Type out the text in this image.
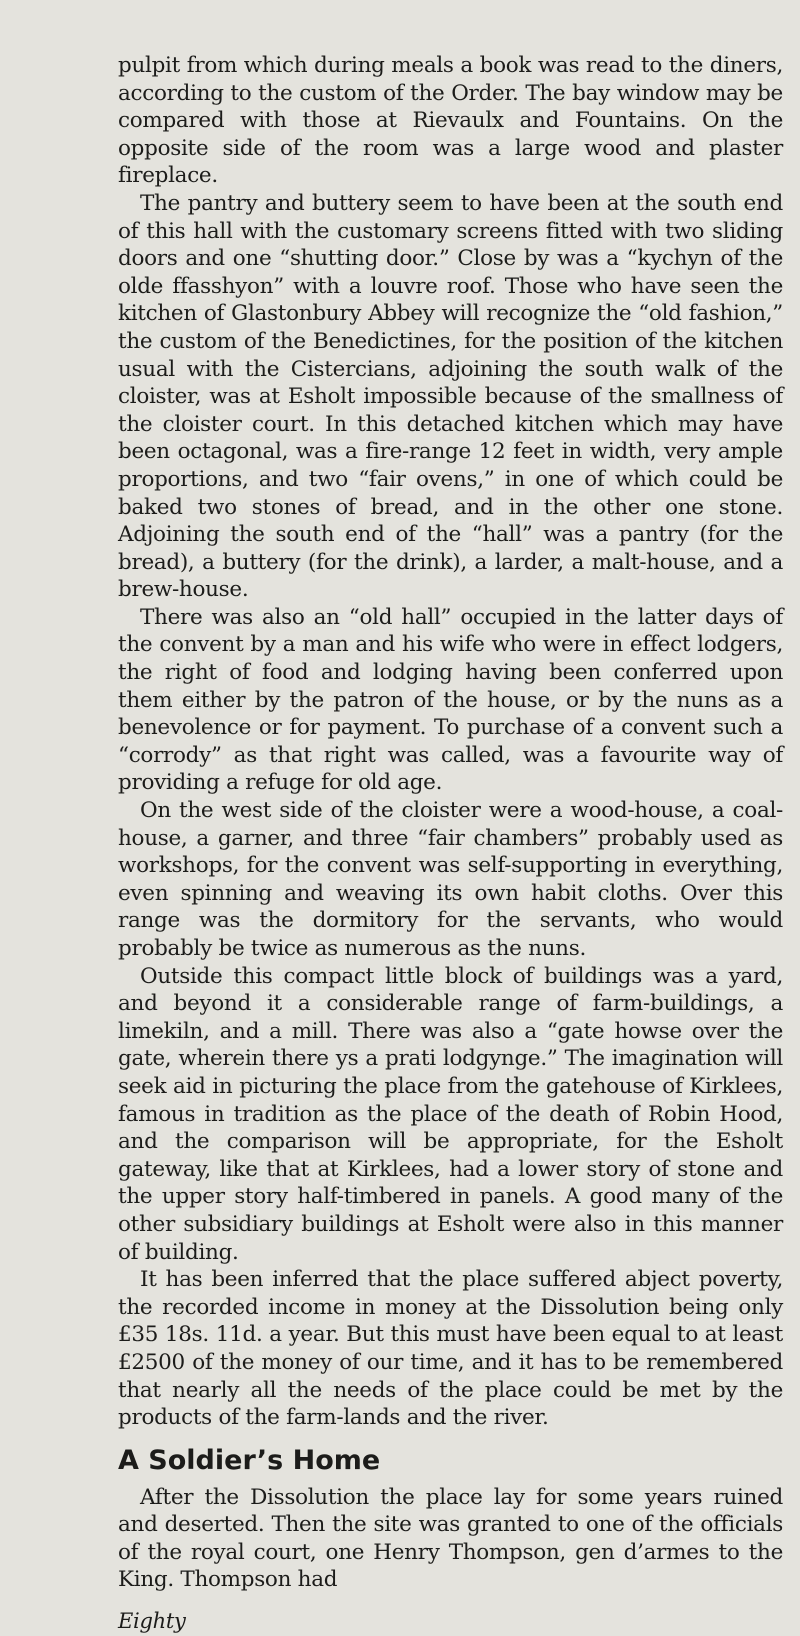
pulpit from which during meals a book was read to the diners, according to the custom of the Order. The bay window may be compared with those at Rievaulx and Fountains. On the opposite side of the room was a large wood and plaster fireplace.

The pantry and buttery seem to have been at the south end of this hall with the customary screens fitted with two sliding doors and one “shutting door.” Close by was a “kychyn of the olde ffasshyon” with a louvre roof. Those who have seen the kitchen of Glastonbury Abbey will recognize the “old fashion,” the custom of the Benedictines, for the position of the kitchen usual with the Cistercians, adjoining the south walk of the cloister, was at Esholt impossible because of the smallness of the cloister court. In this detached kitchen which may have been octagonal, was a fire-range 12 feet in width, very ample proportions, and two “fair ovens,” in one of which could be baked two stones of bread, and in the other one stone. Adjoining the south end of the “hall” was a pantry (for the bread), a buttery (for the drink), a larder, a malt-house, and a brew-house.

There was also an “old hall” occupied in the latter days of the convent by a man and his wife who were in effect lodgers, the right of food and lodging having been conferred upon them either by the patron of the house, or by the nuns as a benevolence or for payment. To purchase of a convent such a “corrody” as that right was called, was a favourite way of providing a refuge for old age.

On the west side of the cloister were a wood-house, a coal-house, a garner, and three “fair chambers” probably used as workshops, for the convent was self-supporting in everything, even spinning and weaving its own habit cloths. Over this range was the dormitory for the servants, who would probably be twice as numerous as the nuns.

Outside this compact little block of buildings was a yard, and beyond it a considerable range of farm-buildings, a limekiln, and a mill. There was also a “gate howse over the gate, wherein there ys a prati lodgynge.” The imagination will seek aid in picturing the place from the gatehouse of Kirklees, famous in tradition as the place of the death of Robin Hood, and the comparison will be appropriate, for the Esholt gateway, like that at Kirklees, had a lower story of stone and the upper story half-timbered in panels. A good many of the other subsidiary buildings at Esholt were also in this manner of building.

It has been inferred that the place suffered abject poverty, the recorded income in money at the Dissolution being only £35 18s. 11d. a year. But this must have been equal to at least £2500 of the money of our time, and it has to be remembered that nearly all the needs of the place could be met by the products of the farm-lands and the river.

A Soldier’s Home

After the Dissolution the place lay for some years ruined and deserted. Then the site was granted to one of the officials of the royal court, one Henry Thompson, gen d’armes to the King. Thompson had

Eighty
